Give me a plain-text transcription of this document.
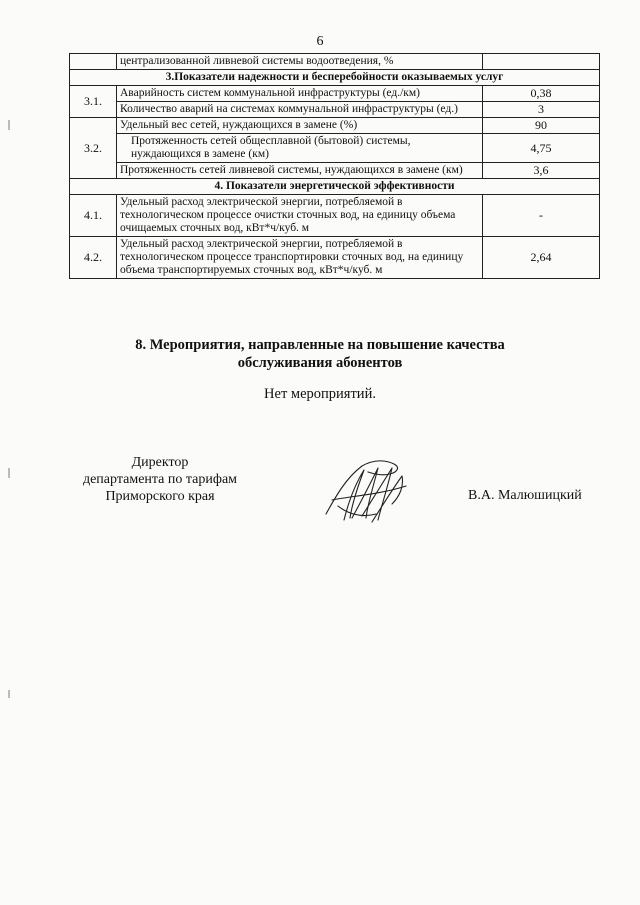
6
	централизованной ливневой системы водоотведения, %	
3.Показатели надежности и бесперебойности оказываемых услуг		
3.1.	Аварийность систем коммунальной инфраструктуры (ед./км)	0,38
	Количество аварий на системах коммунальной инфраструктуры (ед.)	3
3.2.	Удельный вес сетей, нуждающихся в замене (%)	90
	Протяженность сетей общесплавной (бытовой) системы, нуждающихся в замене (км)	4,75
	Протяженность сетей ливневой системы, нуждающихся в замене (км)	3,6
4. Показатели энергетической эффективности		
4.1.	Удельный расход электрической энергии, потребляемой в технологическом процессе очистки сточных вод, на единицу объема очищаемых сточных вод, кВт*ч/куб. м	-
4.2.	Удельный расход электрической энергии, потребляемой в технологическом процессе транспортировки сточных вод, на единицу объема транспортируемых сточных вод, кВт*ч/куб. м	2,64
8. Мероприятия, направленные на повышение качества
обслуживания абонентов
Нет мероприятий.
Директор
департамента по тарифам
Приморского края	В.А. Малюшицкий
